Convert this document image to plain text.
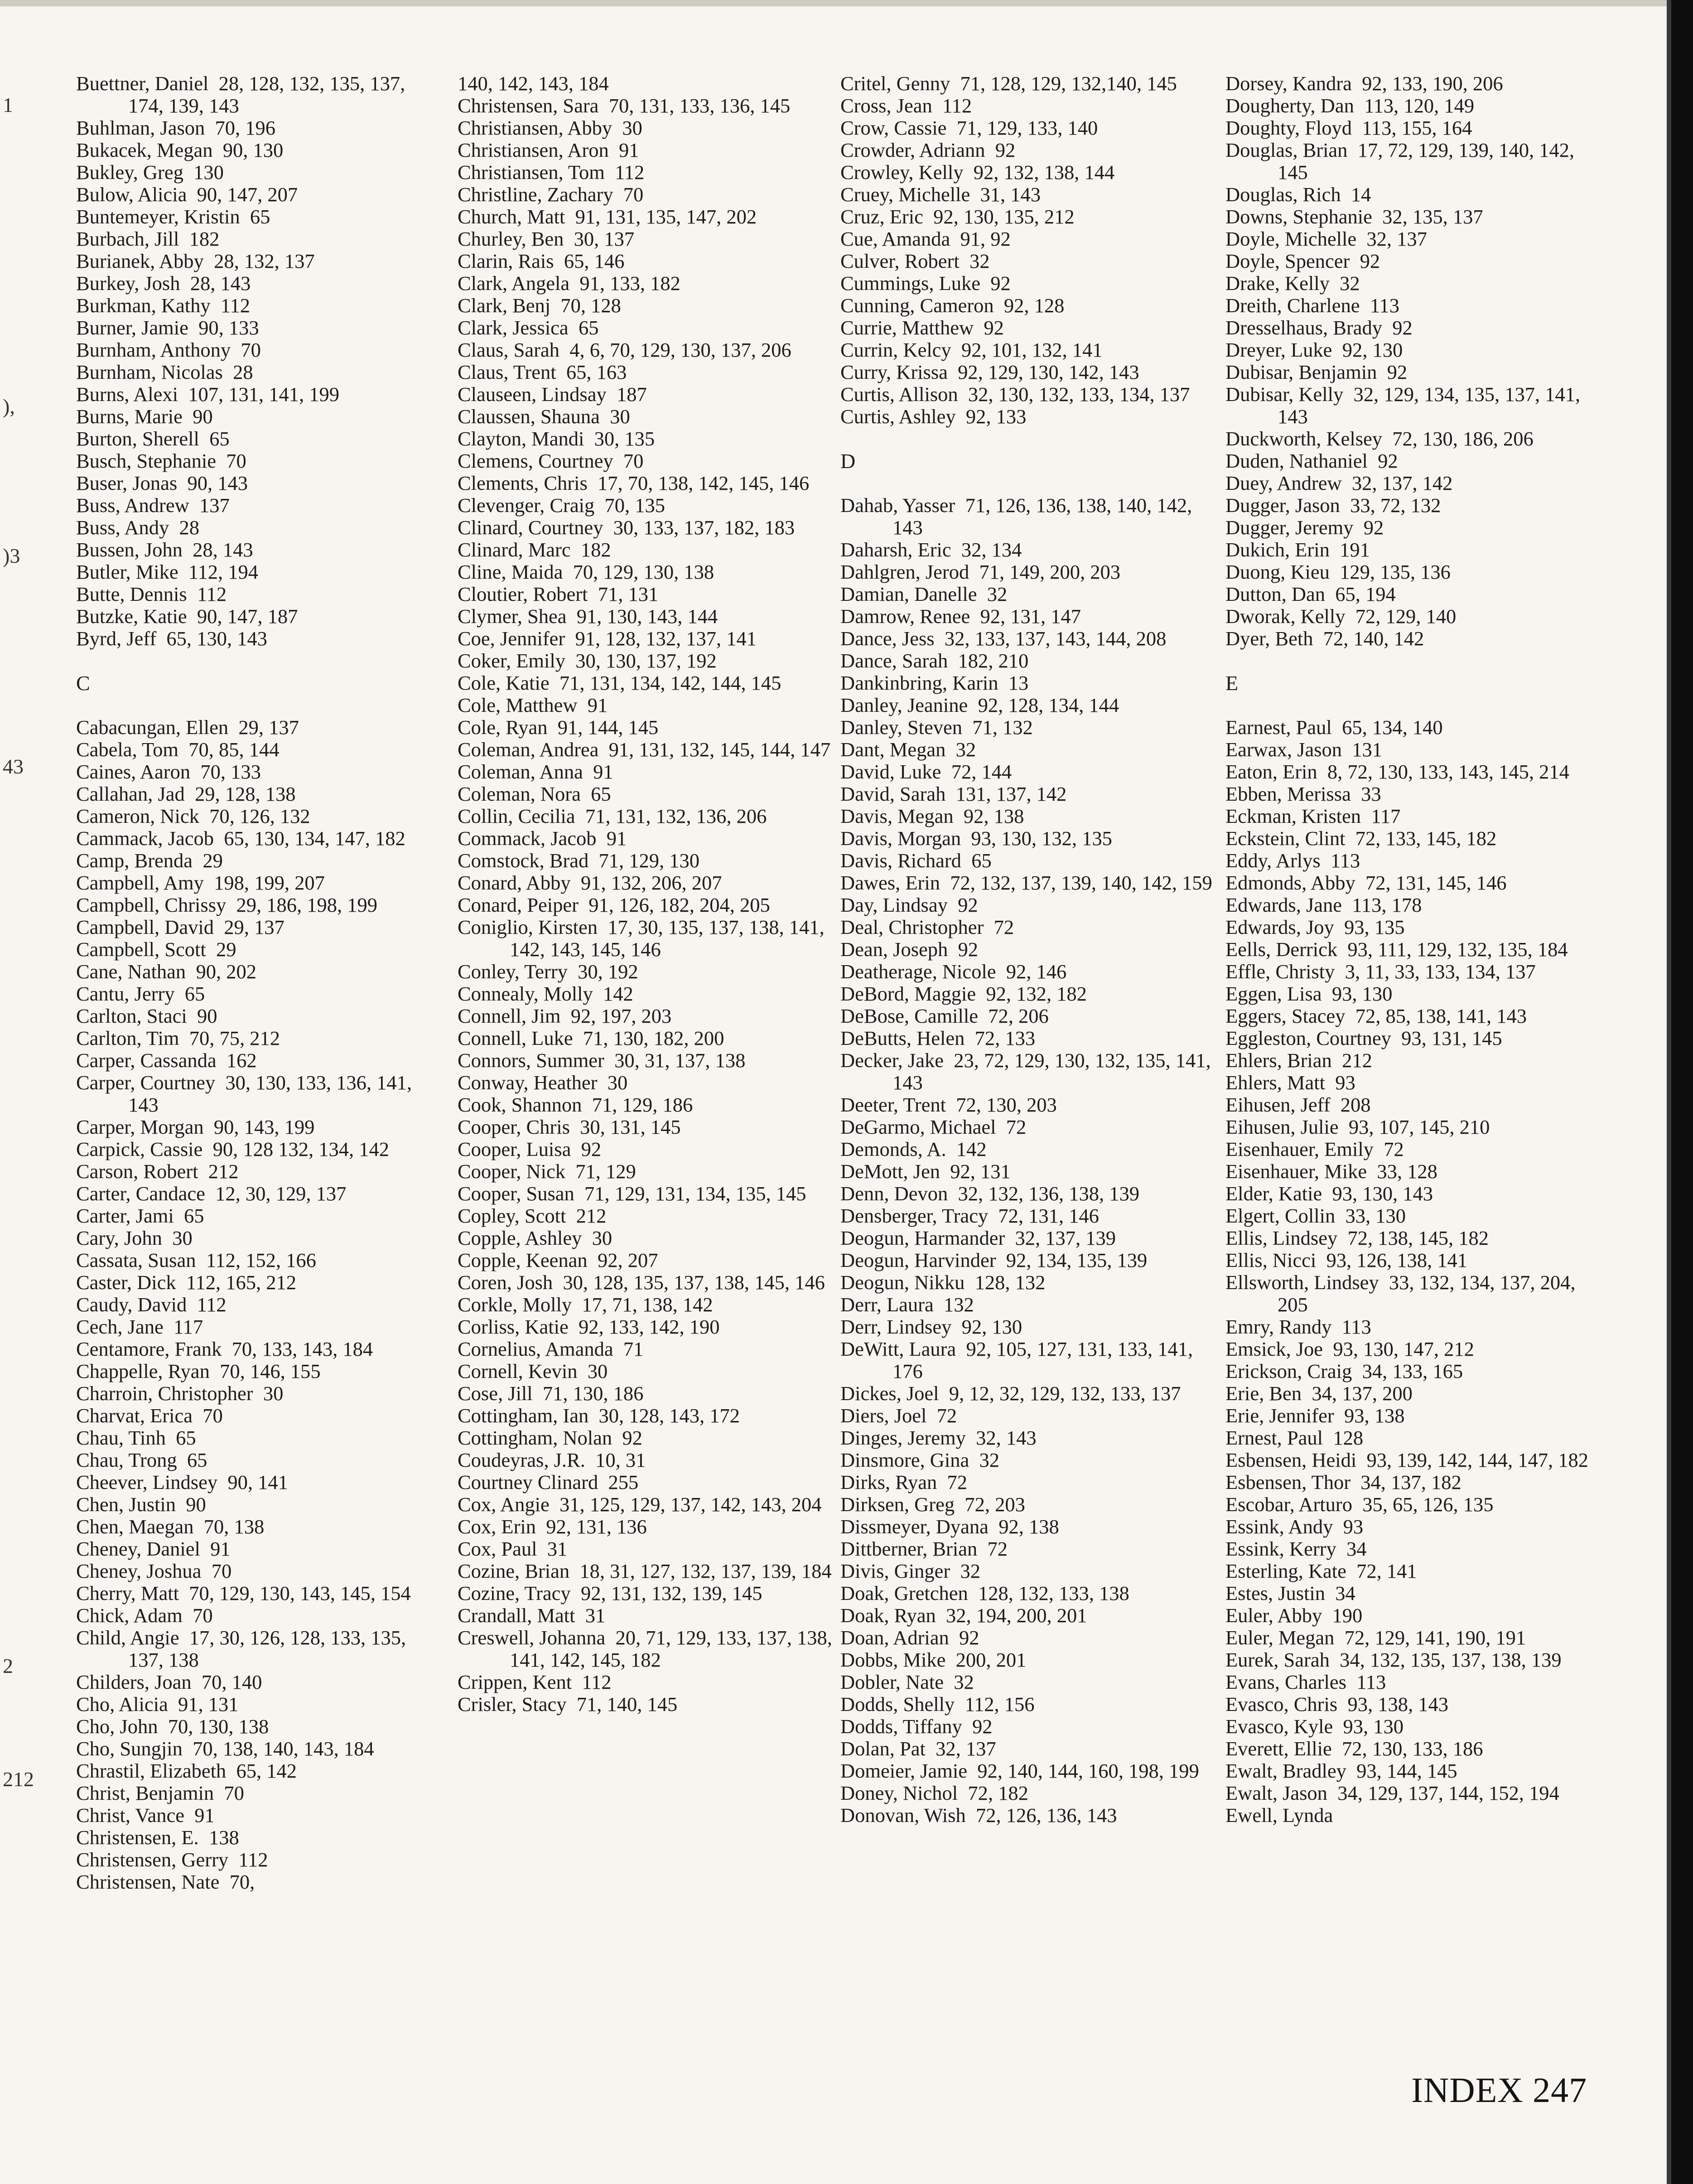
1
),
)3
43
2
212
Buettner, Daniel 28, 128, 132, 135, 137, 174, 139, 143
Buhlman, Jason 70, 196
Bukacek, Megan 90, 130
Bukley, Greg 130
Bulow, Alicia 90, 147, 207
Buntemeyer, Kristin 65
Burbach, Jill 182
Burianek, Abby 28, 132, 137
Burkey, Josh 28, 143
Burkman, Kathy 112
Burner, Jamie 90, 133
Burnham, Anthony 70
Burnham, Nicolas 28
Burns, Alexi 107, 131, 141, 199
Burns, Marie 90
Burton, Sherell 65
Busch, Stephanie 70
Buser, Jonas 90, 143
Buss, Andrew 137
Buss, Andy 28
Bussen, John 28, 143
Butler, Mike 112, 194
Butte, Dennis 112
Butzke, Katie 90, 147, 187
Byrd, Jeff 65, 130, 143
C
Cabacungan, Ellen 29, 137
Cabela, Tom 70, 85, 144
Caines, Aaron 70, 133
Callahan, Jad 29, 128, 138
Cameron, Nick 70, 126, 132
Cammack, Jacob 65, 130, 134, 147, 182
Camp, Brenda 29
Campbell, Amy 198, 199, 207
Campbell, Chrissy 29, 186, 198, 199
Campbell, David 29, 137
Campbell, Scott 29
Cane, Nathan 90, 202
Cantu, Jerry 65
Carlton, Staci 90
Carlton, Tim 70, 75, 212
Carper, Cassanda 162
Carper, Courtney 30, 130, 133, 136, 141, 143
Carper, Morgan 90, 143, 199
Carpick, Cassie 90, 128 132, 134, 142
Carson, Robert 212
Carter, Candace 12, 30, 129, 137
Carter, Jami 65
Cary, John 30
Cassata, Susan 112, 152, 166
Caster, Dick 112, 165, 212
Caudy, David 112
Cech, Jane 117
Centamore, Frank 70, 133, 143, 184
Chappelle, Ryan 70, 146, 155
Charroin, Christopher 30
Charvat, Erica 70
Chau, Tinh 65
Chau, Trong 65
Cheever, Lindsey 90, 141
Chen, Justin 90
Chen, Maegan 70, 138
Cheney, Daniel 91
Cheney, Joshua 70
Cherry, Matt 70, 129, 130, 143, 145, 154
Chick, Adam 70
Child, Angie 17, 30, 126, 128, 133, 135, 137, 138
Childers, Joan 70, 140
Cho, Alicia 91, 131
Cho, John 70, 130, 138
Cho, Sungjin 70, 138, 140, 143, 184
Chrastil, Elizabeth 65, 142
Christ, Benjamin 70
Christ, Vance 91
Christensen, E. 138
Christensen, Gerry 112
Christensen, Nate 70,
140, 142, 143, 184
Christensen, Sara 70, 131, 133, 136, 145
Christiansen, Abby 30
Christiansen, Aron 91
Christiansen, Tom 112
Christline, Zachary 70
Church, Matt 91, 131, 135, 147, 202
Churley, Ben 30, 137
Clarin, Rais 65, 146
Clark, Angela 91, 133, 182
Clark, Benj 70, 128
Clark, Jessica 65
Claus, Sarah 4, 6, 70, 129, 130, 137, 206
Claus, Trent 65, 163
Clauseen, Lindsay 187
Claussen, Shauna 30
Clayton, Mandi 30, 135
Clemens, Courtney 70
Clements, Chris 17, 70, 138, 142, 145, 146
Clevenger, Craig 70, 135
Clinard, Courtney 30, 133, 137, 182, 183
Clinard, Marc 182
Cline, Maida 70, 129, 130, 138
Cloutier, Robert 71, 131
Clymer, Shea 91, 130, 143, 144
Coe, Jennifer 91, 128, 132, 137, 141
Coker, Emily 30, 130, 137, 192
Cole, Katie 71, 131, 134, 142, 144, 145
Cole, Matthew 91
Cole, Ryan 91, 144, 145
Coleman, Andrea 91, 131, 132, 145, 144, 147
Coleman, Anna 91
Coleman, Nora 65
Collin, Cecilia 71, 131, 132, 136, 206
Commack, Jacob 91
Comstock, Brad 71, 129, 130
Conard, Abby 91, 132, 206, 207
Conard, Peiper 91, 126, 182, 204, 205
Coniglio, Kirsten 17, 30, 135, 137, 138, 141, 142, 143, 145, 146
Conley, Terry 30, 192
Connealy, Molly 142
Connell, Jim 92, 197, 203
Connell, Luke 71, 130, 182, 200
Connors, Summer 30, 31, 137, 138
Conway, Heather 30
Cook, Shannon 71, 129, 186
Cooper, Chris 30, 131, 145
Cooper, Luisa 92
Cooper, Nick 71, 129
Cooper, Susan 71, 129, 131, 134, 135, 145
Copley, Scott 212
Copple, Ashley 30
Copple, Keenan 92, 207
Coren, Josh 30, 128, 135, 137, 138, 145, 146
Corkle, Molly 17, 71, 138, 142
Corliss, Katie 92, 133, 142, 190
Cornelius, Amanda 71
Cornell, Kevin 30
Cose, Jill 71, 130, 186
Cottingham, Ian 30, 128, 143, 172
Cottingham, Nolan 92
Coudeyras, J.R. 10, 31
Courtney Clinard 255
Cox, Angie 31, 125, 129, 137, 142, 143, 204
Cox, Erin 92, 131, 136
Cox, Paul 31
Cozine, Brian 18, 31, 127, 132, 137, 139, 184
Cozine, Tracy 92, 131, 132, 139, 145
Crandall, Matt 31
Creswell, Johanna 20, 71, 129, 133, 137, 138, 141, 142, 145, 182
Crippen, Kent 112
Crisler, Stacy 71, 140, 145
Critel, Genny 71, 128, 129, 132,140, 145
Cross, Jean 112
Crow, Cassie 71, 129, 133, 140
Crowder, Adriann 92
Crowley, Kelly 92, 132, 138, 144
Cruey, Michelle 31, 143
Cruz, Eric 92, 130, 135, 212
Cue, Amanda 91, 92
Culver, Robert 32
Cummings, Luke 92
Cunning, Cameron 92, 128
Currie, Matthew 92
Currin, Kelcy 92, 101, 132, 141
Curry, Krissa 92, 129, 130, 142, 143
Curtis, Allison 32, 130, 132, 133, 134, 137
Curtis, Ashley 92, 133
D
Dahab, Yasser 71, 126, 136, 138, 140, 142, 143
Daharsh, Eric 32, 134
Dahlgren, Jerod 71, 149, 200, 203
Damian, Danelle 32
Damrow, Renee 92, 131, 147
Dance, Jess 32, 133, 137, 143, 144, 208
Dance, Sarah 182, 210
Dankinbring, Karin 13
Danley, Jeanine 92, 128, 134, 144
Danley, Steven 71, 132
Dant, Megan 32
David, Luke 72, 144
David, Sarah 131, 137, 142
Davis, Megan 92, 138
Davis, Morgan 93, 130, 132, 135
Davis, Richard 65
Dawes, Erin 72, 132, 137, 139, 140, 142, 159
Day, Lindsay 92
Deal, Christopher 72
Dean, Joseph 92
Deatherage, Nicole 92, 146
DeBord, Maggie 92, 132, 182
DeBose, Camille 72, 206
DeButts, Helen 72, 133
Decker, Jake 23, 72, 129, 130, 132, 135, 141, 143
Deeter, Trent 72, 130, 203
DeGarmo, Michael 72
Demonds, A. 142
DeMott, Jen 92, 131
Denn, Devon 32, 132, 136, 138, 139
Densberger, Tracy 72, 131, 146
Deogun, Harmander 32, 137, 139
Deogun, Harvinder 92, 134, 135, 139
Deogun, Nikku 128, 132
Derr, Laura 132
Derr, Lindsey 92, 130
DeWitt, Laura 92, 105, 127, 131, 133, 141, 176
Dickes, Joel 9, 12, 32, 129, 132, 133, 137
Diers, Joel 72
Dinges, Jeremy 32, 143
Dinsmore, Gina 32
Dirks, Ryan 72
Dirksen, Greg 72, 203
Dissmeyer, Dyana 92, 138
Dittberner, Brian 72
Divis, Ginger 32
Doak, Gretchen 128, 132, 133, 138
Doak, Ryan 32, 194, 200, 201
Doan, Adrian 92
Dobbs, Mike 200, 201
Dobler, Nate 32
Dodds, Shelly 112, 156
Dodds, Tiffany 92
Dolan, Pat 32, 137
Domeier, Jamie 92, 140, 144, 160, 198, 199
Doney, Nichol 72, 182
Donovan, Wish 72, 126, 136, 143
Dorsey, Kandra 92, 133, 190, 206
Dougherty, Dan 113, 120, 149
Doughty, Floyd 113, 155, 164
Douglas, Brian 17, 72, 129, 139, 140, 142, 145
Douglas, Rich 14
Downs, Stephanie 32, 135, 137
Doyle, Michelle 32, 137
Doyle, Spencer 92
Drake, Kelly 32
Dreith, Charlene 113
Dresselhaus, Brady 92
Dreyer, Luke 92, 130
Dubisar, Benjamin 92
Dubisar, Kelly 32, 129, 134, 135, 137, 141, 143
Duckworth, Kelsey 72, 130, 186, 206
Duden, Nathaniel 92
Duey, Andrew 32, 137, 142
Dugger, Jason 33, 72, 132
Dugger, Jeremy 92
Dukich, Erin 191
Duong, Kieu 129, 135, 136
Dutton, Dan 65, 194
Dworak, Kelly 72, 129, 140
Dyer, Beth 72, 140, 142
E
Earnest, Paul 65, 134, 140
Earwax, Jason 131
Eaton, Erin 8, 72, 130, 133, 143, 145, 214
Ebben, Merissa 33
Eckman, Kristen 117
Eckstein, Clint 72, 133, 145, 182
Eddy, Arlys 113
Edmonds, Abby 72, 131, 145, 146
Edwards, Jane 113, 178
Edwards, Joy 93, 135
Eells, Derrick 93, 111, 129, 132, 135, 184
Effle, Christy 3, 11, 33, 133, 134, 137
Eggen, Lisa 93, 130
Eggers, Stacey 72, 85, 138, 141, 143
Eggleston, Courtney 93, 131, 145
Ehlers, Brian 212
Ehlers, Matt 93
Eihusen, Jeff 208
Eihusen, Julie 93, 107, 145, 210
Eisenhauer, Emily 72
Eisenhauer, Mike 33, 128
Elder, Katie 93, 130, 143
Elgert, Collin 33, 130
Ellis, Lindsey 72, 138, 145, 182
Ellis, Nicci 93, 126, 138, 141
Ellsworth, Lindsey 33, 132, 134, 137, 204, 205
Emry, Randy 113
Emsick, Joe 93, 130, 147, 212
Erickson, Craig 34, 133, 165
Erie, Ben 34, 137, 200
Erie, Jennifer 93, 138
Ernest, Paul 128
Esbensen, Heidi 93, 139, 142, 144, 147, 182
Esbensen, Thor 34, 137, 182
Escobar, Arturo 35, 65, 126, 135
Essink, Andy 93
Essink, Kerry 34
Esterling, Kate 72, 141
Estes, Justin 34
Euler, Abby 190
Euler, Megan 72, 129, 141, 190, 191
Eurek, Sarah 34, 132, 135, 137, 138, 139
Evans, Charles 113
Evasco, Chris 93, 138, 143
Evasco, Kyle 93, 130
Everett, Ellie 72, 130, 133, 186
Ewalt, Bradley 93, 144, 145
Ewalt, Jason 34, 129, 137, 144, 152, 194
Ewell, Lynda
INDEX 247
